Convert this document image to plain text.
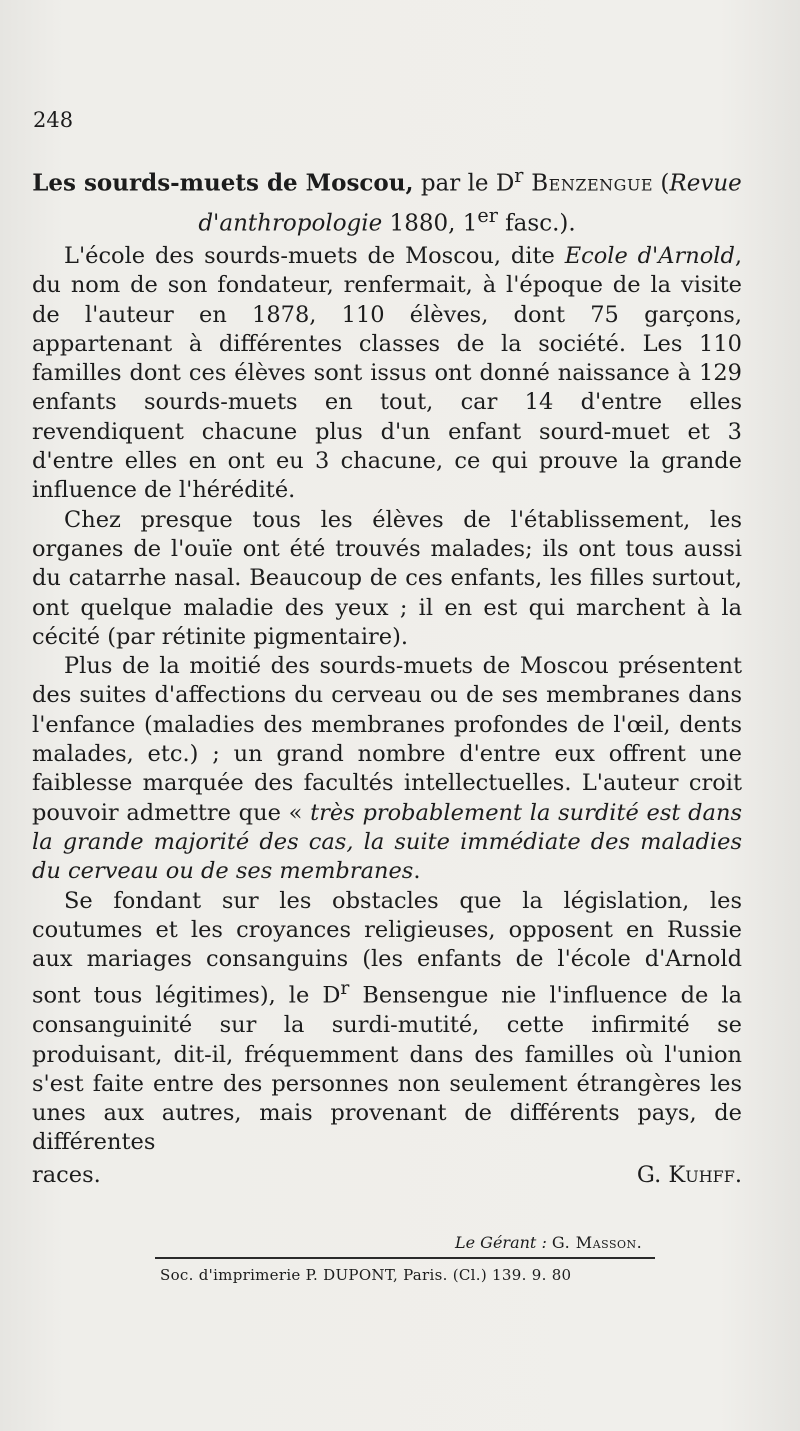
248
Les sourds-muets de Moscou, par le $D^r$ Benzengue (Revue
d'anthropologie 1880, 1er fasc.).

L'école des sourds-muets de Moscou, dite Ecole d'Arnold, du nom de son fondateur, renfermait, à l'époque de la visite de l'auteur en 1878, 110 élèves, dont 75 garçons, appartenant à différentes classes de la société. Les 110 familles dont ces élèves sont issus ont donné naissance à 129 enfants sourds-muets en tout, car 14 d'entre elles revendiquent chacune plus d'un enfant sourd-muet et 3 d'entre elles en ont eu 3 chacune, ce qui prouve la grande influence de l'hérédité.

Chez presque tous les élèves de l'établissement, les organes de l'ouïe ont été trouvés malades; ils ont tous aussi du catarrhe nasal. Beaucoup de ces enfants, les filles surtout, ont quelque maladie des yeux ; il en est qui marchent à la cécité (par rétinite pigmentaire).

Plus de la moitié des sourds-muets de Moscou présentent des suites d'affections du cerveau ou de ses membranes dans l'enfance (maladies des membranes profondes de l'œil, dents malades, etc.) ; un grand nombre d'entre eux offrent une faiblesse marquée des facultés intellectuelles. L'auteur croit pouvoir admettre que « très probablement la surdité est dans la grande majorité des cas, la suite immédiate des maladies du cerveau ou de ses membranes.

Se fondant sur les obstacles que la législation, les coutumes et les croyances religieuses, opposent en Russie aux mariages consanguins (les enfants de l'école d'Arnold sont tous légitimes), le $D^r$ Bensengue nie l'influence de la consanguinité sur la surdi-mutité, cette infirmité se produisant, dit-il, fréquemment dans des familles où l'union s'est faite entre des personnes non seulement étrangères les unes aux autres, mais provenant de différents pays, de différentes

races.	G. Kuhff.
Le Gérant : G. Masson.
Soc. d'imprimerie P. DUPONT, Paris. (Cl.) 139. 9. 80
